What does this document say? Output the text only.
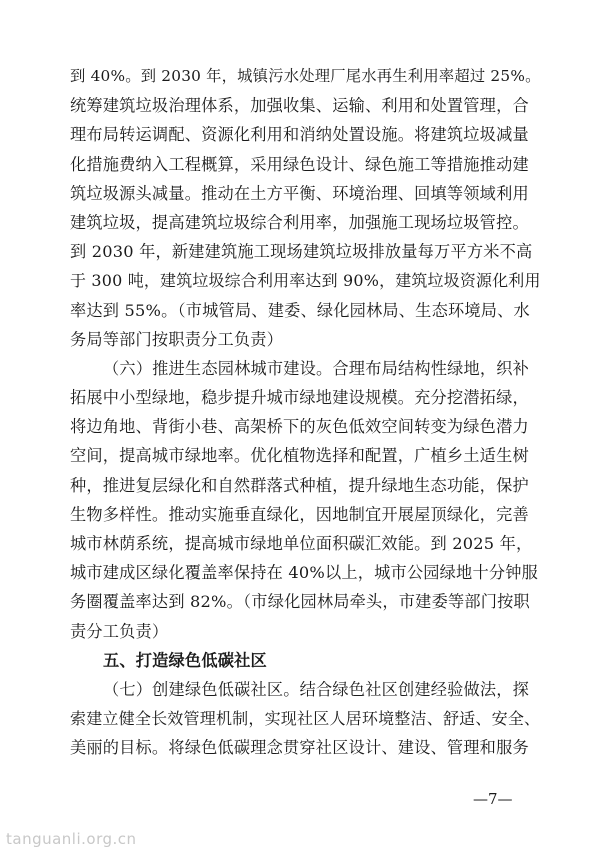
到 40%。到 2030 年，城镇污水处理厂尾水再生利用率超过 25%。
统筹建筑垃圾治理体系，加强收集、运输、利用和处置管理，合
理布局转运调配、资源化利用和消纳处置设施。将建筑垃圾减量
化措施费纳入工程概算，采用绿色设计、绿色施工等措施推动建
筑垃圾源头减量。推动在土方平衡、环境治理、回填等领域利用
建筑垃圾，提高建筑垃圾综合利用率，加强施工现场垃圾管控。
到 2030 年，新建建筑施工现场建筑垃圾排放量每万平方米不高
于 300 吨，建筑垃圾综合利用率达到 90%，建筑垃圾资源化利用
率达到 55%。（市城管局、建委、绿化园林局、生态环境局、水
务局等部门按职责分工负责）
（六）推进生态园林城市建设。合理布局结构性绿地，织补
拓展中小型绿地，稳步提升城市绿地建设规模。充分挖潜拓绿，
将边角地、背街小巷、高架桥下的灰色低效空间转变为绿色潜力
空间，提高城市绿地率。优化植物选择和配置，广植乡土适生树
种，推进复层绿化和自然群落式种植，提升绿地生态功能，保护
生物多样性。推动实施垂直绿化，因地制宜开展屋顶绿化，完善
城市林荫系统，提高城市绿地单位面积碳汇效能。到 2025 年，
城市建成区绿化覆盖率保持在 40%以上，城市公园绿地十分钟服
务圈覆盖率达到 82%。（市绿化园林局牵头，市建委等部门按职
责分工负责）
五、打造绿色低碳社区
（七）创建绿色低碳社区。结合绿色社区创建经验做法，探
索建立健全长效管理机制，实现社区人居环境整洁、舒适、安全、
美丽的目标。将绿色低碳理念贯穿社区设计、建设、管理和服务
—7—
tanguanli.org.cn
